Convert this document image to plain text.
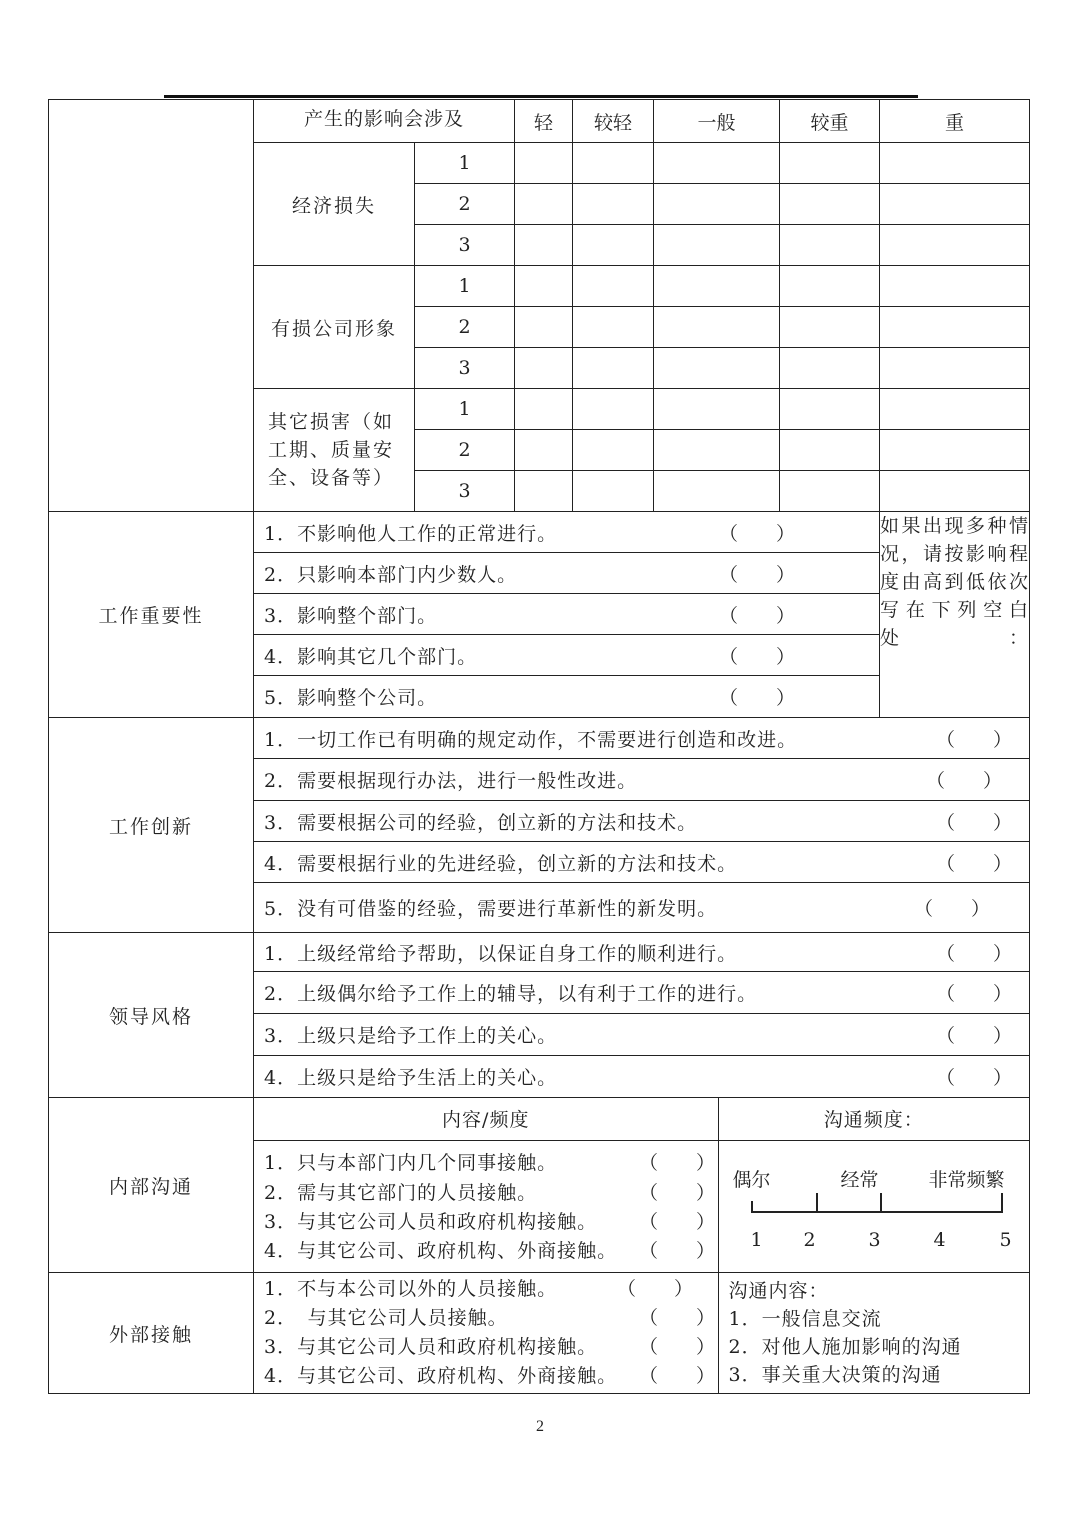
	产生的影响会涉及	轻	较轻	一般	较重	重
经济损失	1					
2					
3					
有损公司形象	1					
2					
3					
其它损害（如工期、质量安全、设备等）	1					
2					
3					
工作重要性	
1．不影响他人工作的正常进行。	（　　）

2．只影响本部门内少数人。	（　　）

3．影响整个部门。	（　　）

4．影响其它几个部门。	（　　）

5．影响整个公司。	（　　）
	如果出现多种情况，请按影响程度由高到低依次写在下列空白处：
工作创新	
1．一切工作已有明确的规定动作，不需要进行创造和改进。	（　　）

2．需要根据现行办法，进行一般性改进。	（　　）

3．需要根据公司的经验，创立新的方法和技术。	（　　）

4．需要根据行业的先进经验，创立新的方法和技术。	（　　）

5．没有可借鉴的经验，需要进行革新性的新发明。	（　　）

领导风格	
1．上级经常给予帮助，以保证自身工作的顺利进行。	（　　）

2．上级偶尔给予工作上的辅导，以有利于工作的进行。	（　　）

3．上级只是给予工作上的关心。	（　　）

4．上级只是给予生活上的关心。	（　　）

内部沟通	
内容/频度	沟通频度：

1．只与本部门内几个同事接触。	（　　）

2．需与其它部门的人员接触。	（　　）

3．与其它公司人员和政府机构接触。	（　　）

4．与其它公司、政府机构、外商接触。	（　　）

偶尔	经常	非常频繁
1 2	3	4	5

外部接触	
1．不与本公司以外的人员接触。	（　　）

2．　与其它公司人员接触。	（　　）

3．与其它公司人员和政府机构接触。	（　　）

4．与其它公司、政府机构、外商接触。	（　　）

沟通内容：
1．一般信息交流
2．对他人施加影响的沟通
3．事关重大决策的沟通
2
